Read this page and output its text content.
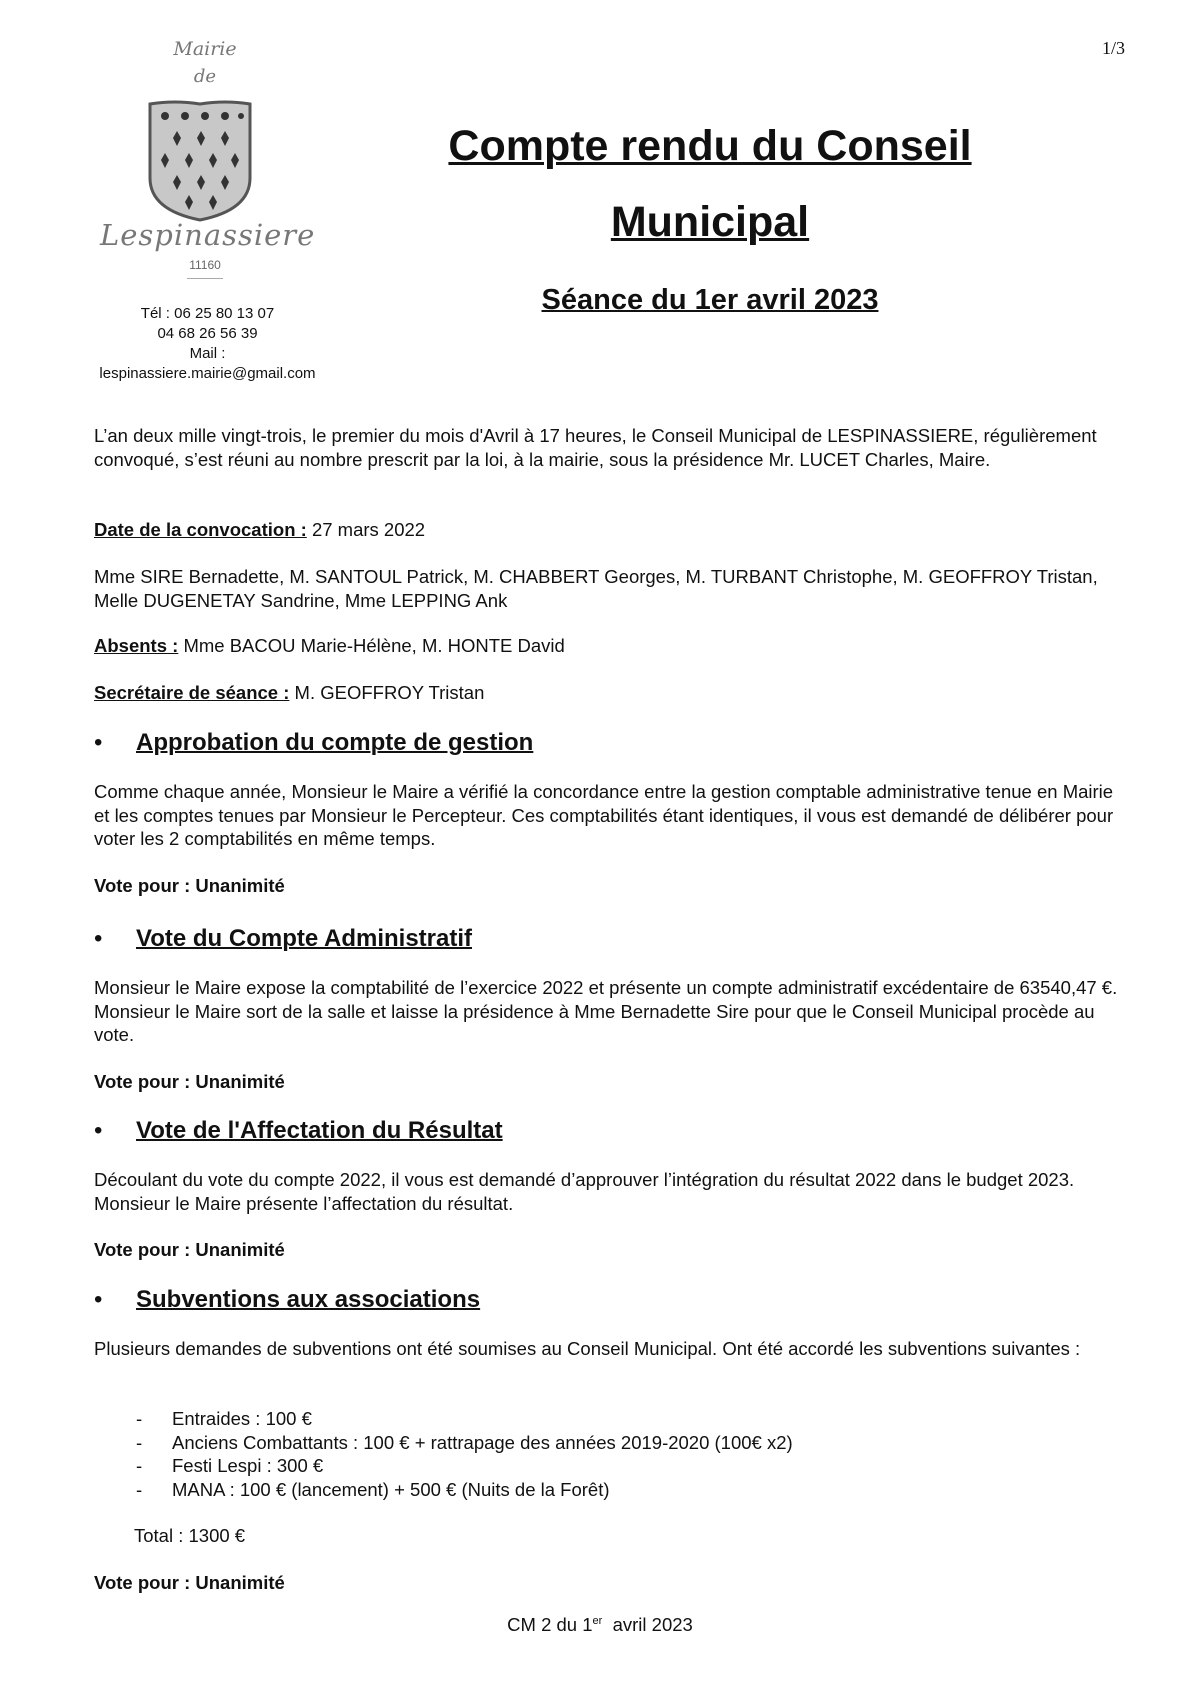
1/3
Mairie
de
Lespinassiere
11160
Tél : 06 25 80 13 07
04 68 26 56 39
Mail :
lespinassiere.mairie@gmail.com
Compte rendu du Conseil
Municipal
Séance du 1er avril 2023
L’an deux mille vingt-trois, le premier du mois d'Avril à 17 heures, le Conseil Municipal de LESPINASSIERE, régulièrement convoqué, s’est réuni au nombre prescrit par la loi, à la mairie, sous la présidence Mr. LUCET Charles, Maire.
Date de la convocation : 27 mars 2022
Mme SIRE Bernadette, M. SANTOUL Patrick, M. CHABBERT Georges, M. TURBANT Christophe, M. GEOFFROY Tristan, Melle DUGENETAY Sandrine, Mme LEPPING Ank
Absents : Mme BACOU Marie-Hélène, M. HONTE David
Secrétaire de séance : M. GEOFFROY Tristan
• Approbation du compte de gestion
Comme chaque année, Monsieur le Maire a vérifié la concordance entre la gestion comptable administrative tenue en Mairie et les comptes tenues par Monsieur le Percepteur. Ces comptabilités étant identiques, il vous est demandé de délibérer pour voter les 2 comptabilités en même temps.
Vote pour : Unanimité
• Vote du Compte Administratif
Monsieur le Maire expose la comptabilité de l’exercice 2022 et présente un compte administratif excédentaire de 63540,47 €. Monsieur le Maire sort de la salle et laisse la présidence à Mme Bernadette Sire pour que le Conseil Municipal procède au vote.
Vote pour : Unanimité
• Vote de l'Affectation du Résultat
Découlant du vote du compte 2022, il vous est demandé d’approuver l’intégration du résultat 2022 dans le budget 2023. Monsieur le Maire présente l’affectation du résultat.
Vote pour : Unanimité
• Subventions aux associations
Plusieurs demandes de subventions ont été soumises au Conseil Municipal. Ont été accordé les subventions suivantes :
- Entraides : 100 €
- Anciens Combattants : 100 € + rattrapage des années 2019-2020 (100€ x2)
- Festi Lespi : 300 €
- MANA : 100 € (lancement) + 500 € (Nuits de la Forêt)
Total : 1300 €
Vote pour : Unanimité
CM 2 du 1er  avril 2023
